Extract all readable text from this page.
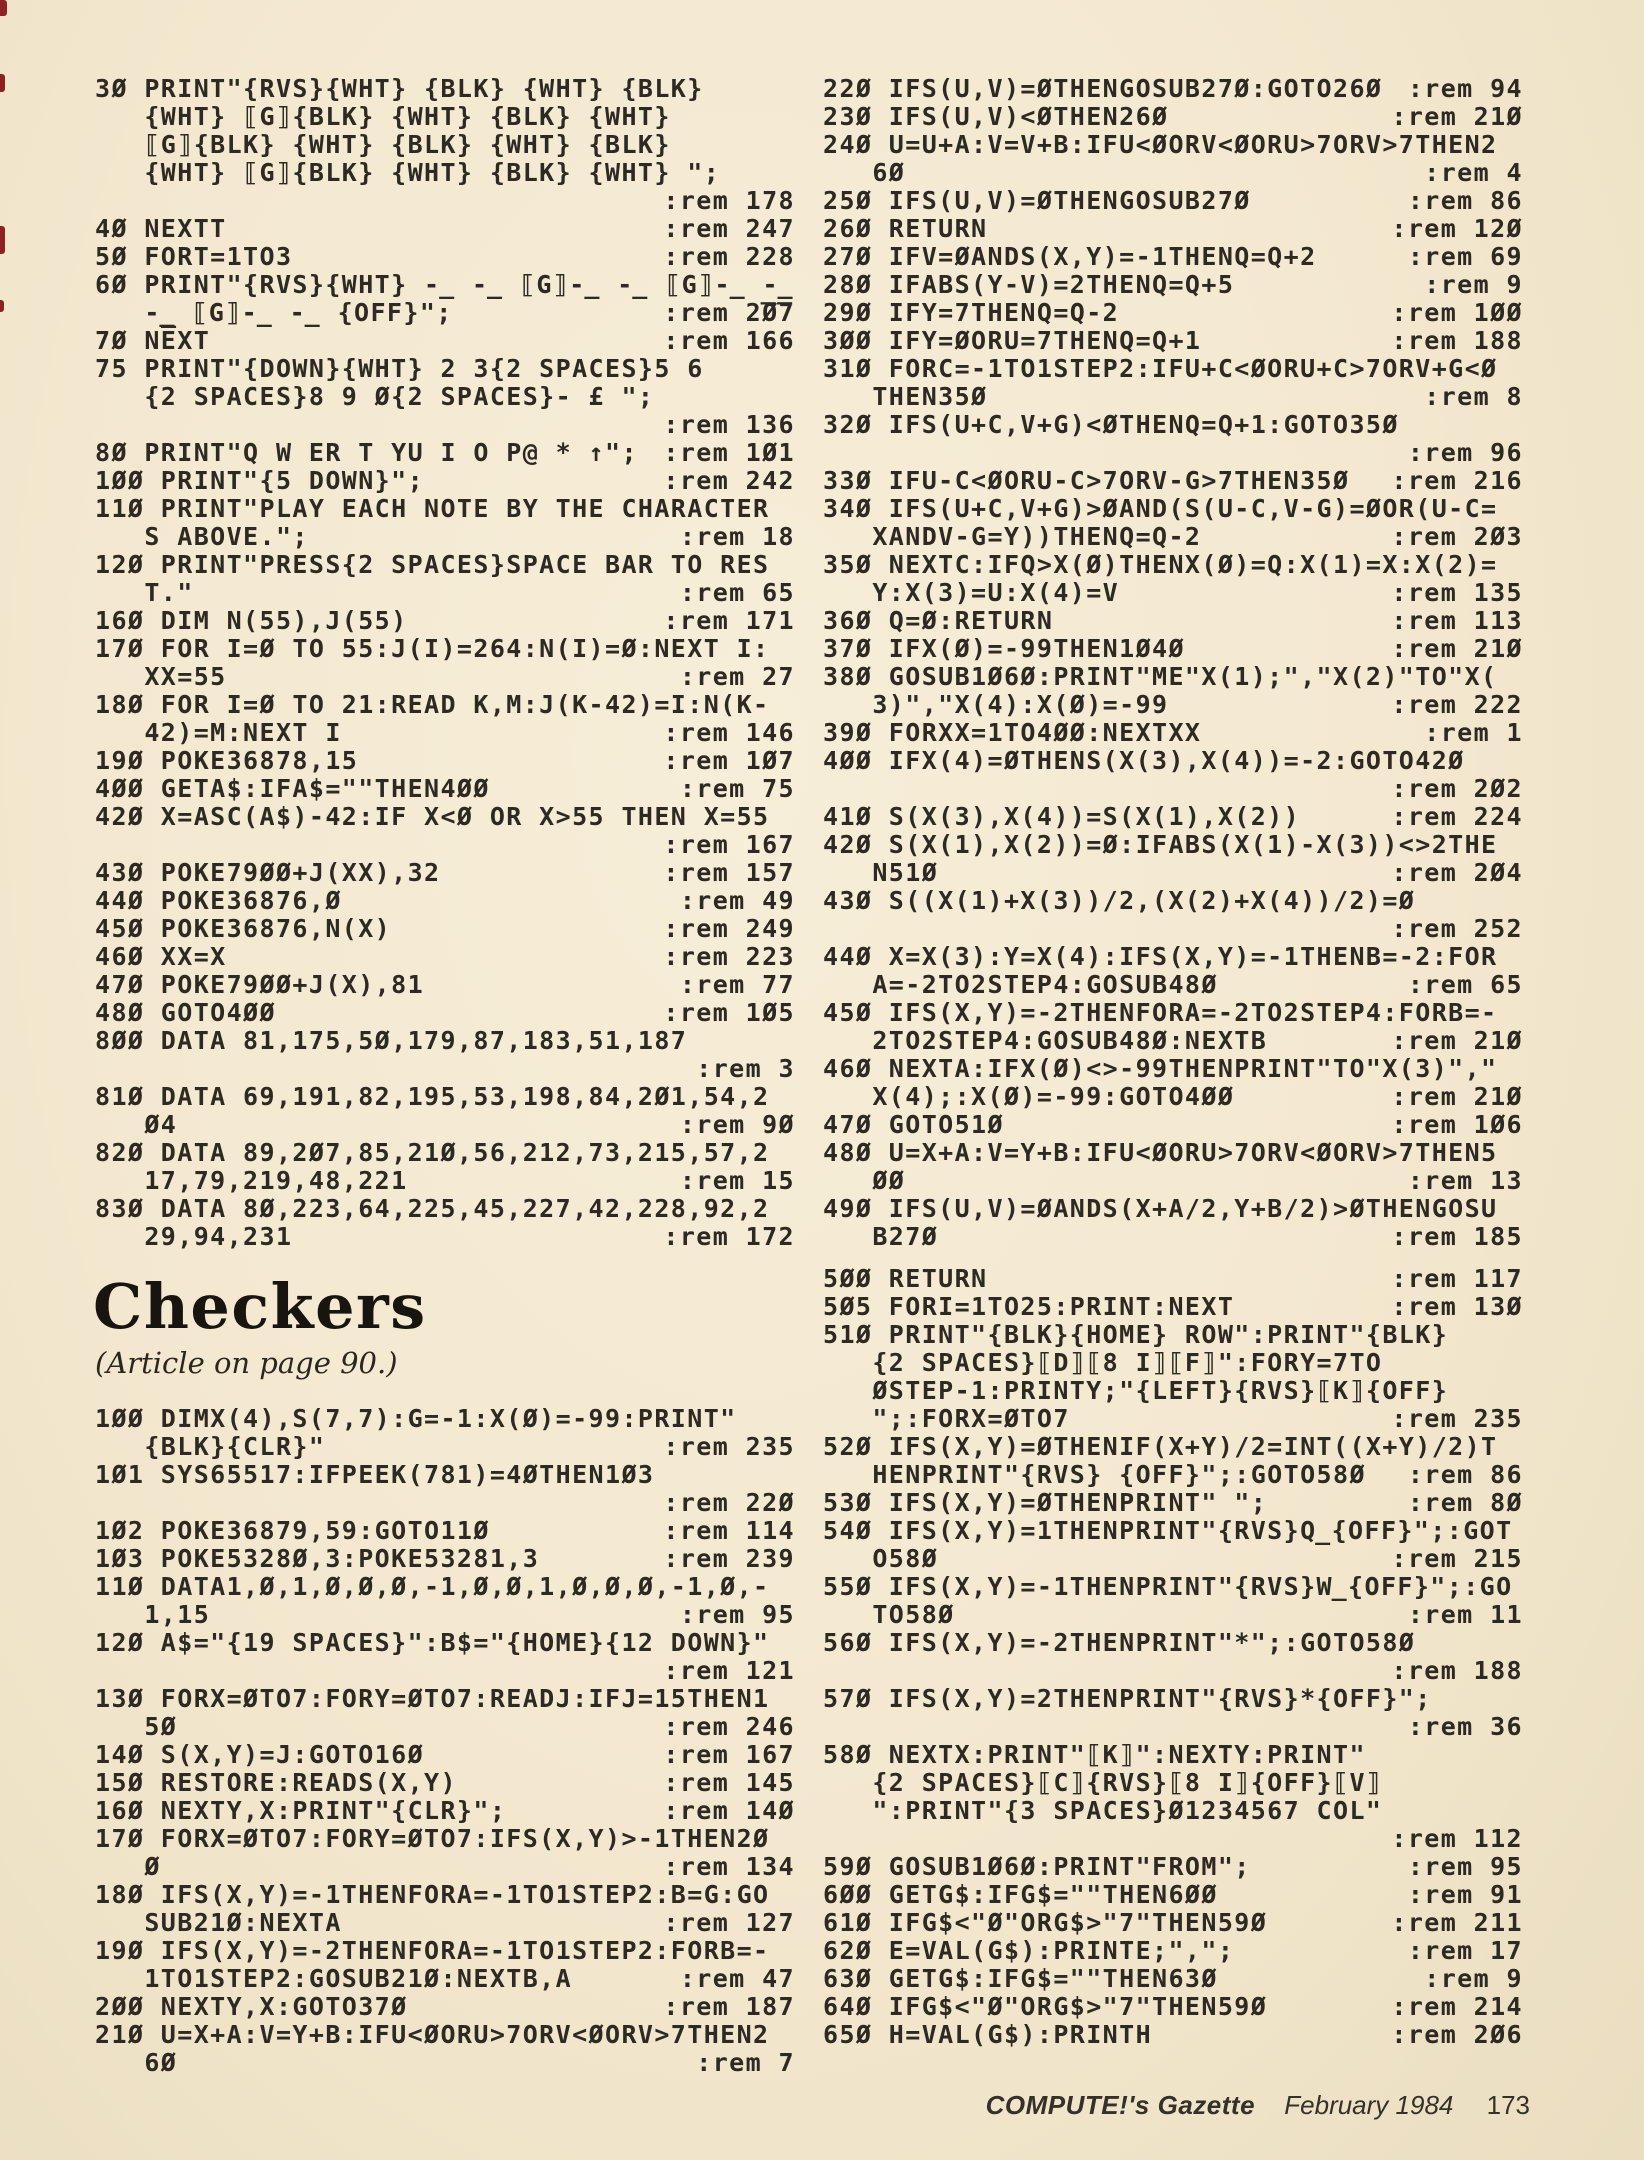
3Ø PRINT"{RVS}{WHT} {BLK} {WHT} {BLK}
{WHT} ⟦G⟧{BLK} {WHT} {BLK} {WHT}
⟦G⟧{BLK} {WHT} {BLK} {WHT} {BLK}
{WHT} ⟦G⟧{BLK} {WHT} {BLK} {WHT} ";
:rem 178
4Ø NEXTT	:rem 247
5Ø FORT=1TO3	:rem 228
6Ø PRINT"{RVS}{WHT} -̲ -̲ ⟦G⟧-̲ -̲ ⟦G⟧-̲ -̲
-̲ ⟦G⟧-̲ -̲ {OFF}";	:rem 2̅Ø̅7
7Ø NE̅XT	:rem 166
75 PRINT"{DOWN}{WHT} 2 3{2 SPACES}5 6
{2 SPACES}8 9 Ø{2 SPACES}- £ ";
:rem 136
8Ø PRINT"Q W ER T YU I O P@ * ↑"; :rem 1Ø1
1ØØ PRINT"{5 DOWN}";	:rem 242
11Ø PRINT"PLAY EACH NOTE BY THE CHARACTER
S ABOVE.";	:rem 18
12Ø PRINT"PRESS{2 SPACES}SPACE BAR TO RES
T."	:rem 65
16Ø DIM N(55),J(55)	:rem 171
17Ø FOR I=Ø TO 55:J(I)=264:N(I)=Ø:NEXT I:
XX=55	:rem 27
18Ø FOR I=Ø TO 21:READ K,M:J(K-42)=I:N(K-
42)=M:NEXT I	:rem 146
19Ø POKE36878,15	:rem 1Ø7
4ØØ GETA$:IFA$=""THEN4ØØ	:rem 75
42Ø X=ASC(A$)-42:IF X<Ø OR X>55 THEN X=55
:rem 167
43Ø POKE79ØØ+J(XX),32	:rem 157
44Ø POKE36876,Ø	:rem 49
45Ø POKE36876,N(X)	:rem 249
46Ø XX=X	:rem 223
47Ø POKE79ØØ+J(X),81	:rem 77
48Ø GOTO4ØØ	:rem 1Ø5
8ØØ DATA 81,175,5Ø,179,87,183,51,187
:rem 3
81Ø DATA 69,191,82,195,53,198,84,2Ø1,54,2
Ø4	:rem 9Ø
82Ø DATA 89,2Ø7,85,21Ø,56,212,73,215,57,2
17,79,219,48,221	:rem 15
83Ø DATA 8Ø,223,64,225,45,227,42,228,92,2
29,94,231	:rem 172
Checkers

(Article on page 90.)

1ØØ DIMX(4),S(7,7):G=-1:X(Ø)=-99:PRINT"
{BLK}{CLR}"	:rem 235
1Ø1 SYS65517:IFPEEK(781)=4ØTHEN1Ø3
:rem 22Ø
1Ø2 POKE36879,59:GOTO11Ø	:rem 114
1Ø3 POKE5328Ø,3:POKE53281,3	:rem 239
11Ø DATA1,Ø,1,Ø,Ø,Ø,-1,Ø,Ø,1,Ø,Ø,Ø,-1,Ø,-
1,15	:rem 95
12Ø A$="{19 SPACES}":B$="{HOME}{12 DOWN}"
:rem 121
13Ø FORX=ØTO7:FORY=ØTO7:READJ:IFJ=15THEN1
5Ø	:rem 246
14Ø S(X,Y)=J:GOTO16Ø	:rem 167
15Ø RESTORE:READS(X,Y)	:rem 145
16Ø NEXTY,X:PRINT"{CLR}";	:rem 14Ø
17Ø FORX=ØTO7:FORY=ØTO7:IFS(X,Y)>-1THEN2Ø
Ø	:rem 134
18Ø IFS(X,Y)=-1THENFORA=-1TO1STEP2:B=G:GO
SUB21Ø:NEXTA	:rem 127
19Ø IFS(X,Y)=-2THENFORA=-1TO1STEP2:FORB=-
1TO1STEP2:GOSUB21Ø:NEXTB,A	:rem 47
2ØØ NEXTY,X:GOTO37Ø	:rem 187
21Ø U=X+A:V=Y+B:IFU<ØORU>7ORV<ØORV>7THEN2
6Ø	:rem 7
22Ø IFS(U,V)=ØTHENGOSUB27Ø:GOTO26Ø :rem 94
23Ø IFS(U,V)<ØTHEN26Ø	:rem 21Ø
24Ø U=U+A:V=V+B:IFU<ØORV<ØORU>7ORV>7THEN2
6Ø	:rem 4
25Ø IFS(U,V)=ØTHENGOSUB27Ø	:rem 86
26Ø RETURN	:rem 12Ø
27Ø IFV=ØANDS(X,Y)=-1THENQ=Q+2	:rem 69
28Ø IFABS(Y-V)=2THENQ=Q+5	:rem 9
29Ø IFY=7THENQ=Q-2	:rem 1ØØ
3ØØ IFY=ØORU=7THENQ=Q+1	:rem 188
31Ø FORC=-1TO1STEP2:IFU+C<ØORU+C>7ORV+G<Ø
THEN35Ø	:rem 8
32Ø IFS(U+C,V+G)<ØTHENQ=Q+1:GOTO35Ø
:rem 96
33Ø IFU-C<ØORU-C>7ORV-G>7THEN35Ø :rem 216
34Ø IFS(U+C,V+G)>ØAND(S(U-C,V-G)=ØOR(U-C=
XANDV-G=Y))THENQ=Q-2	:rem 2Ø3
35Ø NEXTC:IFQ>X(Ø)THENX(Ø)=Q:X(1)=X:X(2)=
Y:X(3)=U:X(4)=V	:rem 135
36Ø Q=Ø:RETURN	:rem 113
37Ø IFX(Ø)=-99THEN1Ø4Ø	:rem 21Ø
38Ø GOSUB1Ø6Ø:PRINT"ME"X(1);","X(2)"TO"X(
3)","X(4):X(Ø)=-99	:rem 222
39Ø FORXX=1TO4ØØ:NEXTXX	:rem 1
4ØØ IFX(4)=ØTHENS(X(3),X(4))=-2:GOTO42Ø
:rem 2Ø2
41Ø S(X(3),X(4))=S(X(1),X(2))	:rem 224
42Ø S(X(1),X(2))=Ø:IFABS(X(1)-X(3))<>2THE
N51Ø	:rem 2Ø4
43Ø S((X(1)+X(3))/2,(X(2)+X(4))/2)=Ø
:rem 252
44Ø X=X(3):Y=X(4):IFS(X,Y)=-1THENB=-2:FOR
A=-2TO2STEP4:GOSUB48Ø	:rem 65
45Ø IFS(X,Y)=-2THENFORA=-2TO2STEP4:FORB=-
2TO2STEP4:GOSUB48Ø:NEXTB	:rem 21Ø
46Ø NEXTA:IFX(Ø)<>-99THENPRINT"TO"X(3)","
X(4);:X(Ø)=-99:GOTO4ØØ	:rem 21Ø
47Ø GOTO51Ø	:rem 1Ø6
48Ø U=X+A:V=Y+B:IFU<ØORU>7ORV<ØORV>7THEN5
ØØ	:rem 13
49Ø IFS(U,V)=ØANDS(X+A/2,Y+B/2)>ØTHENGOSU
B27Ø	:rem 185
5ØØ RETURN	:rem 117
5Ø5 FORI=1TO25:PRINT:NEXT	:rem 13Ø
51Ø PRINT"{BLK}{HOME} ROW":PRINT"{BLK}
{2 SPACES}⟦D⟧⟦8 I⟧⟦F⟧":FORY=7TO
ØSTEP-1:PRINTY;"{LEFT}{RVS}⟦K⟧{OFF}
";:FORX=ØTO7	:rem 235
52Ø IFS(X,Y)=ØTHENIF(X+Y)/2=INT((X+Y)/2)T
HENPRINT"{RVS} {OFF}";:GOTO58Ø :rem 86
53Ø IFS(X,Y)=ØTHENPRINT" ";	:rem 8Ø
54Ø IFS(X,Y)=1THENPRINT"{RVS}Q̲{OFF}";:GOT
O58Ø	:rem 215
55Ø IFS(X,Y)=-1THENPRINT"{RVS}W̲{OFF}";:GO
TO58Ø	:rem 11
56Ø IFS(X,Y)=-2THENPRINT"*";:GOTO58Ø
:rem 188
57Ø IFS(X,Y)=2THENPRINT"{RVS}*{OFF}";
:rem 36
58Ø NEXTX:PRINT"⟦K⟧":NEXTY:PRINT"
{2 SPACES}⟦C⟧{RVS}⟦8 I⟧{OFF}⟦V⟧
":PRINT"{3 SPACES}Ø1234567 COL"
:rem 112
59Ø GOSUB1Ø6Ø:PRINT"FROM";	:rem 95
6ØØ GETG$:IFG$=""THEN6ØØ	:rem 91
61Ø IFG$<"Ø"ORG$>"7"THEN59Ø	:rem 211
62Ø E=VAL(G$):PRINTE;",";	:rem 17
63Ø GETG$:IFG$=""THEN63Ø	:rem 9
64Ø IFG$<"Ø"ORG$>"7"THEN59Ø	:rem 214
65Ø H=VAL(G$):PRINTH	:rem 2Ø6
COMPUTE!'s Gazette February 1984 173
